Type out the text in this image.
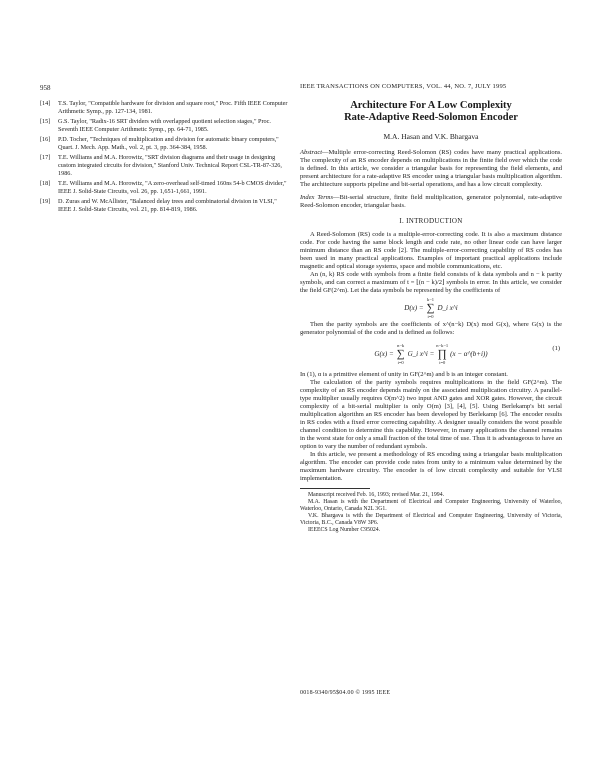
958	IEEE TRANSACTIONS ON COMPUTERS, VOL. 44, NO. 7, JULY 1995
[14]	T.S. Taylor, "Compatible hardware for division and square root," Proc. Fifth IEEE Computer Arithmetic Symp., pp. 127-134, 1981.
[15]	G.S. Taylor, "Radix-16 SRT dividers with overlapped quotient selection stages," Proc. Seventh IEEE Computer Arithmetic Symp., pp. 64-71, 1985.
[16]	P.D. Tocher, "Techniques of multiplication and division for automatic binary computers," Quart. J. Mech. App. Math., vol. 2, pt. 3, pp. 364-384, 1958.
[17]	T.E. Williams and M.A. Horowitz, "SRT division diagrams and their usage in designing custom integrated circuits for division," Stanford Univ. Technical Report CSL-TR-87-326, 1986.
[18]	T.E. Williams and M.A. Horowitz, "A zero-overhead self-timed 160ns 54-b CMOS divider," IEEE J. Solid-State Circuits, vol. 26, pp. 1,651-1,661, 1991.
[19]	D. Zuras and W. McAllister, "Balanced delay trees and combinatorial division in VLSI," IEEE J. Solid-State Circuits, vol. 21, pp. 814-819, 1986.
Architecture For A Low Complexity
Rate-Adaptive Reed-Solomon Encoder
M.A. Hasan and V.K. Bhargava

Abstract—Multiple error-correcting Reed-Solomon (RS) codes have many practical applications. The complexity of an RS encoder depends on multiplications in the finite field over which the code is defined. In this article, we consider a triangular basis for representing the field elements, and present architecture for a rate-adaptive RS encoder using a triangular basis multiplication algorithm. The architecture supports pipeline and bit-serial operations, and has a low circuit complexity.

Index Terms—Bit-serial structure, finite field multiplication, generator polynomial, rate-adaptive Reed-Solomon encoder, triangular basis.

I. INTRODUCTION

A Reed-Solomon (RS) code is a multiple-error-correcting code. It is also a maximum distance code. For code having the same block length and code rate, no other linear code can have larger minimum distance than an RS code [2]. The multiple-error-correcting capability of RS codes has been used in many practical applications. Examples of important practical applications include magnetic and optical storage systems, space and mobile communications, etc.

An (n, k) RS code with symbols from a finite field consists of k data symbols and n − k parity symbols, and can correct a maximum of t = ⌊(n − k)/2⌋ symbols in error. In this article, we consider the field GF(2^m). Let the data symbols be represented by the coefficients of

D(x) =
k−1
∑
i=0
D_i x^i

Then the parity symbols are the coefficients of x^(n−k) D(x) mod G(x), where G(x) is the generator polynomial of the code and is defined as follows:

G(x) =
n−k
∑
i=0
G_i x^i =
n−k−1
∏
i=0
(x − α^(b+i))
(1)

In (1), α is a primitive element of unity in GF(2^m) and b is an integer constant.

The calculation of the parity symbols requires multiplications in the field GF(2^m). The complexity of an RS encoder depends mainly on the associated multiplication circuitry. A parallel-type multiplier usually requires O(m^2) two input AND gates and XOR gates. However, the circuit complexity of a bit-serial multiplier is only O(m) [3], [4], [5]. Using Berlekamp's bit serial multiplication algorithm an RS encoder has been developed by Berlekamp [6]. The encoder results in RS codes with a fixed error correcting capability. A designer usually considers the worst possible channel condition to determine this capability. However, in many applications the channel remains in the worst state for only a small fraction of the total time of use. Thus it is advantageous to have an option to vary the number of redundant symbols.

In this article, we present a methodology of RS encoding using a triangular basis multiplication algorithm. The encoder can provide code rates from unity to a minimum value determined by the maximum hardware circuitry. The encoder is of low circuit complexity and suitable for VLSI implementation.

Manuscript received Feb. 16, 1993; revised Mar. 21, 1994.

M.A. Hasan is with the Department of Electrical and Computer Engineering, University of Waterloo, Waterloo, Ontario, Canada N2L 3G1.

V.K. Bhargava is with the Department of Electrical and Computer Engineering, University of Victoria, Victoria, B.C., Canada V8W 3P6.

IEEECS Log Number C95024.

0018-9340/95$04.00 © 1995 IEEE
